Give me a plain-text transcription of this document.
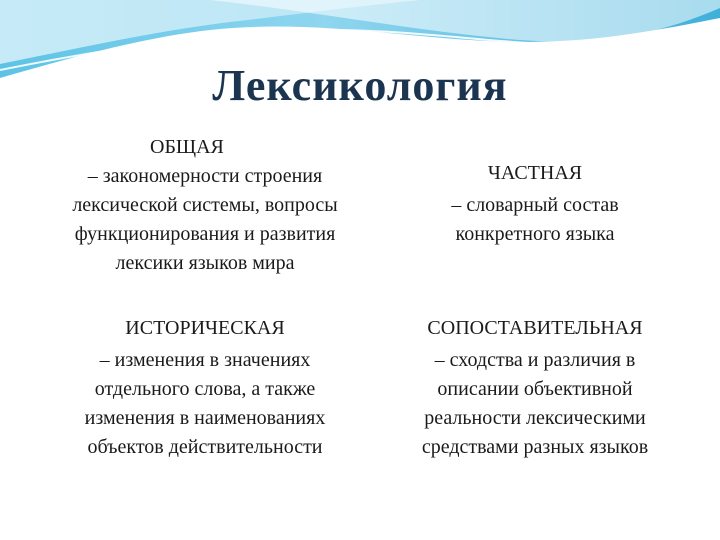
Лексикология
ОБЩАЯ
– закономерности строения
лексической системы, вопросы
функционирования и развития
лексики языков мира
ЧАСТНАЯ
– словарный состав
конкретного языка
ИСТОРИЧЕСКАЯ
– изменения в значениях
отдельного слова, а также
изменения в наименованиях
объектов действительности
СОПОСТАВИТЕЛЬНАЯ
– сходства и различия в
описании объективной
реальности лексическими
средствами разных языков
